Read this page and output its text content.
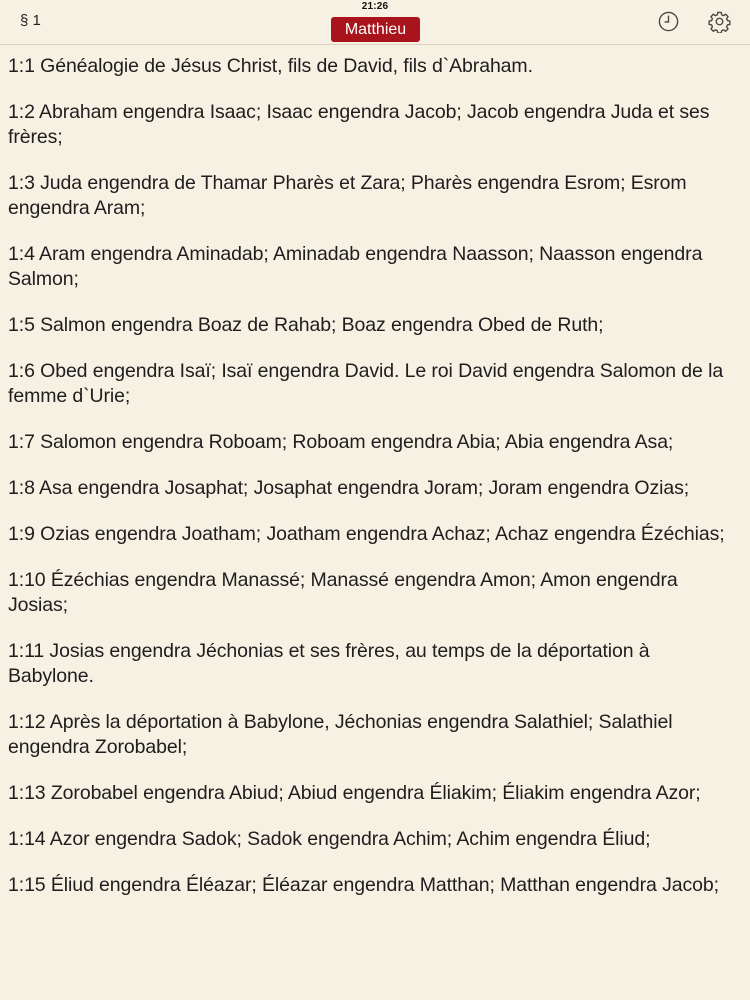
§ 1
Matthieu
21:26

1:1 Généalogie de Jésus Christ, fils de David, fils d`Abraham.

1:2 Abraham engendra Isaac; Isaac engendra Jacob; Jacob engendra Juda et ses frères;

1:3 Juda engendra de Thamar Pharès et Zara; Pharès engendra Esrom; Esrom engendra Aram;

1:4 Aram engendra Aminadab; Aminadab engendra Naasson; Naasson engendra Salmon;

1:5 Salmon engendra Boaz de Rahab; Boaz engendra Obed de Ruth;

1:6 Obed engendra Isaï; Isaï engendra David. Le roi David engendra Salomon de la femme d`Urie;

1:7 Salomon engendra Roboam; Roboam engendra Abia; Abia engendra Asa;

1:8 Asa engendra Josaphat; Josaphat engendra Joram; Joram engendra Ozias;

1:9 Ozias engendra Joatham; Joatham engendra Achaz; Achaz engendra Ézéchias;

1:10 Ézéchias engendra Manassé; Manassé engendra Amon; Amon engendra Josias;

1:11 Josias engendra Jéchonias et ses frères, au temps de la déportation à Babylone.

1:12 Après la déportation à Babylone, Jéchonias engendra Salathiel; Salathiel engendra Zorobabel;

1:13 Zorobabel engendra Abiud; Abiud engendra Éliakim; Éliakim engendra Azor;

1:14 Azor engendra Sadok; Sadok engendra Achim; Achim engendra Éliud;

1:15 Éliud engendra Éléazar; Éléazar engendra Matthan; Matthan engendra Jacob;
